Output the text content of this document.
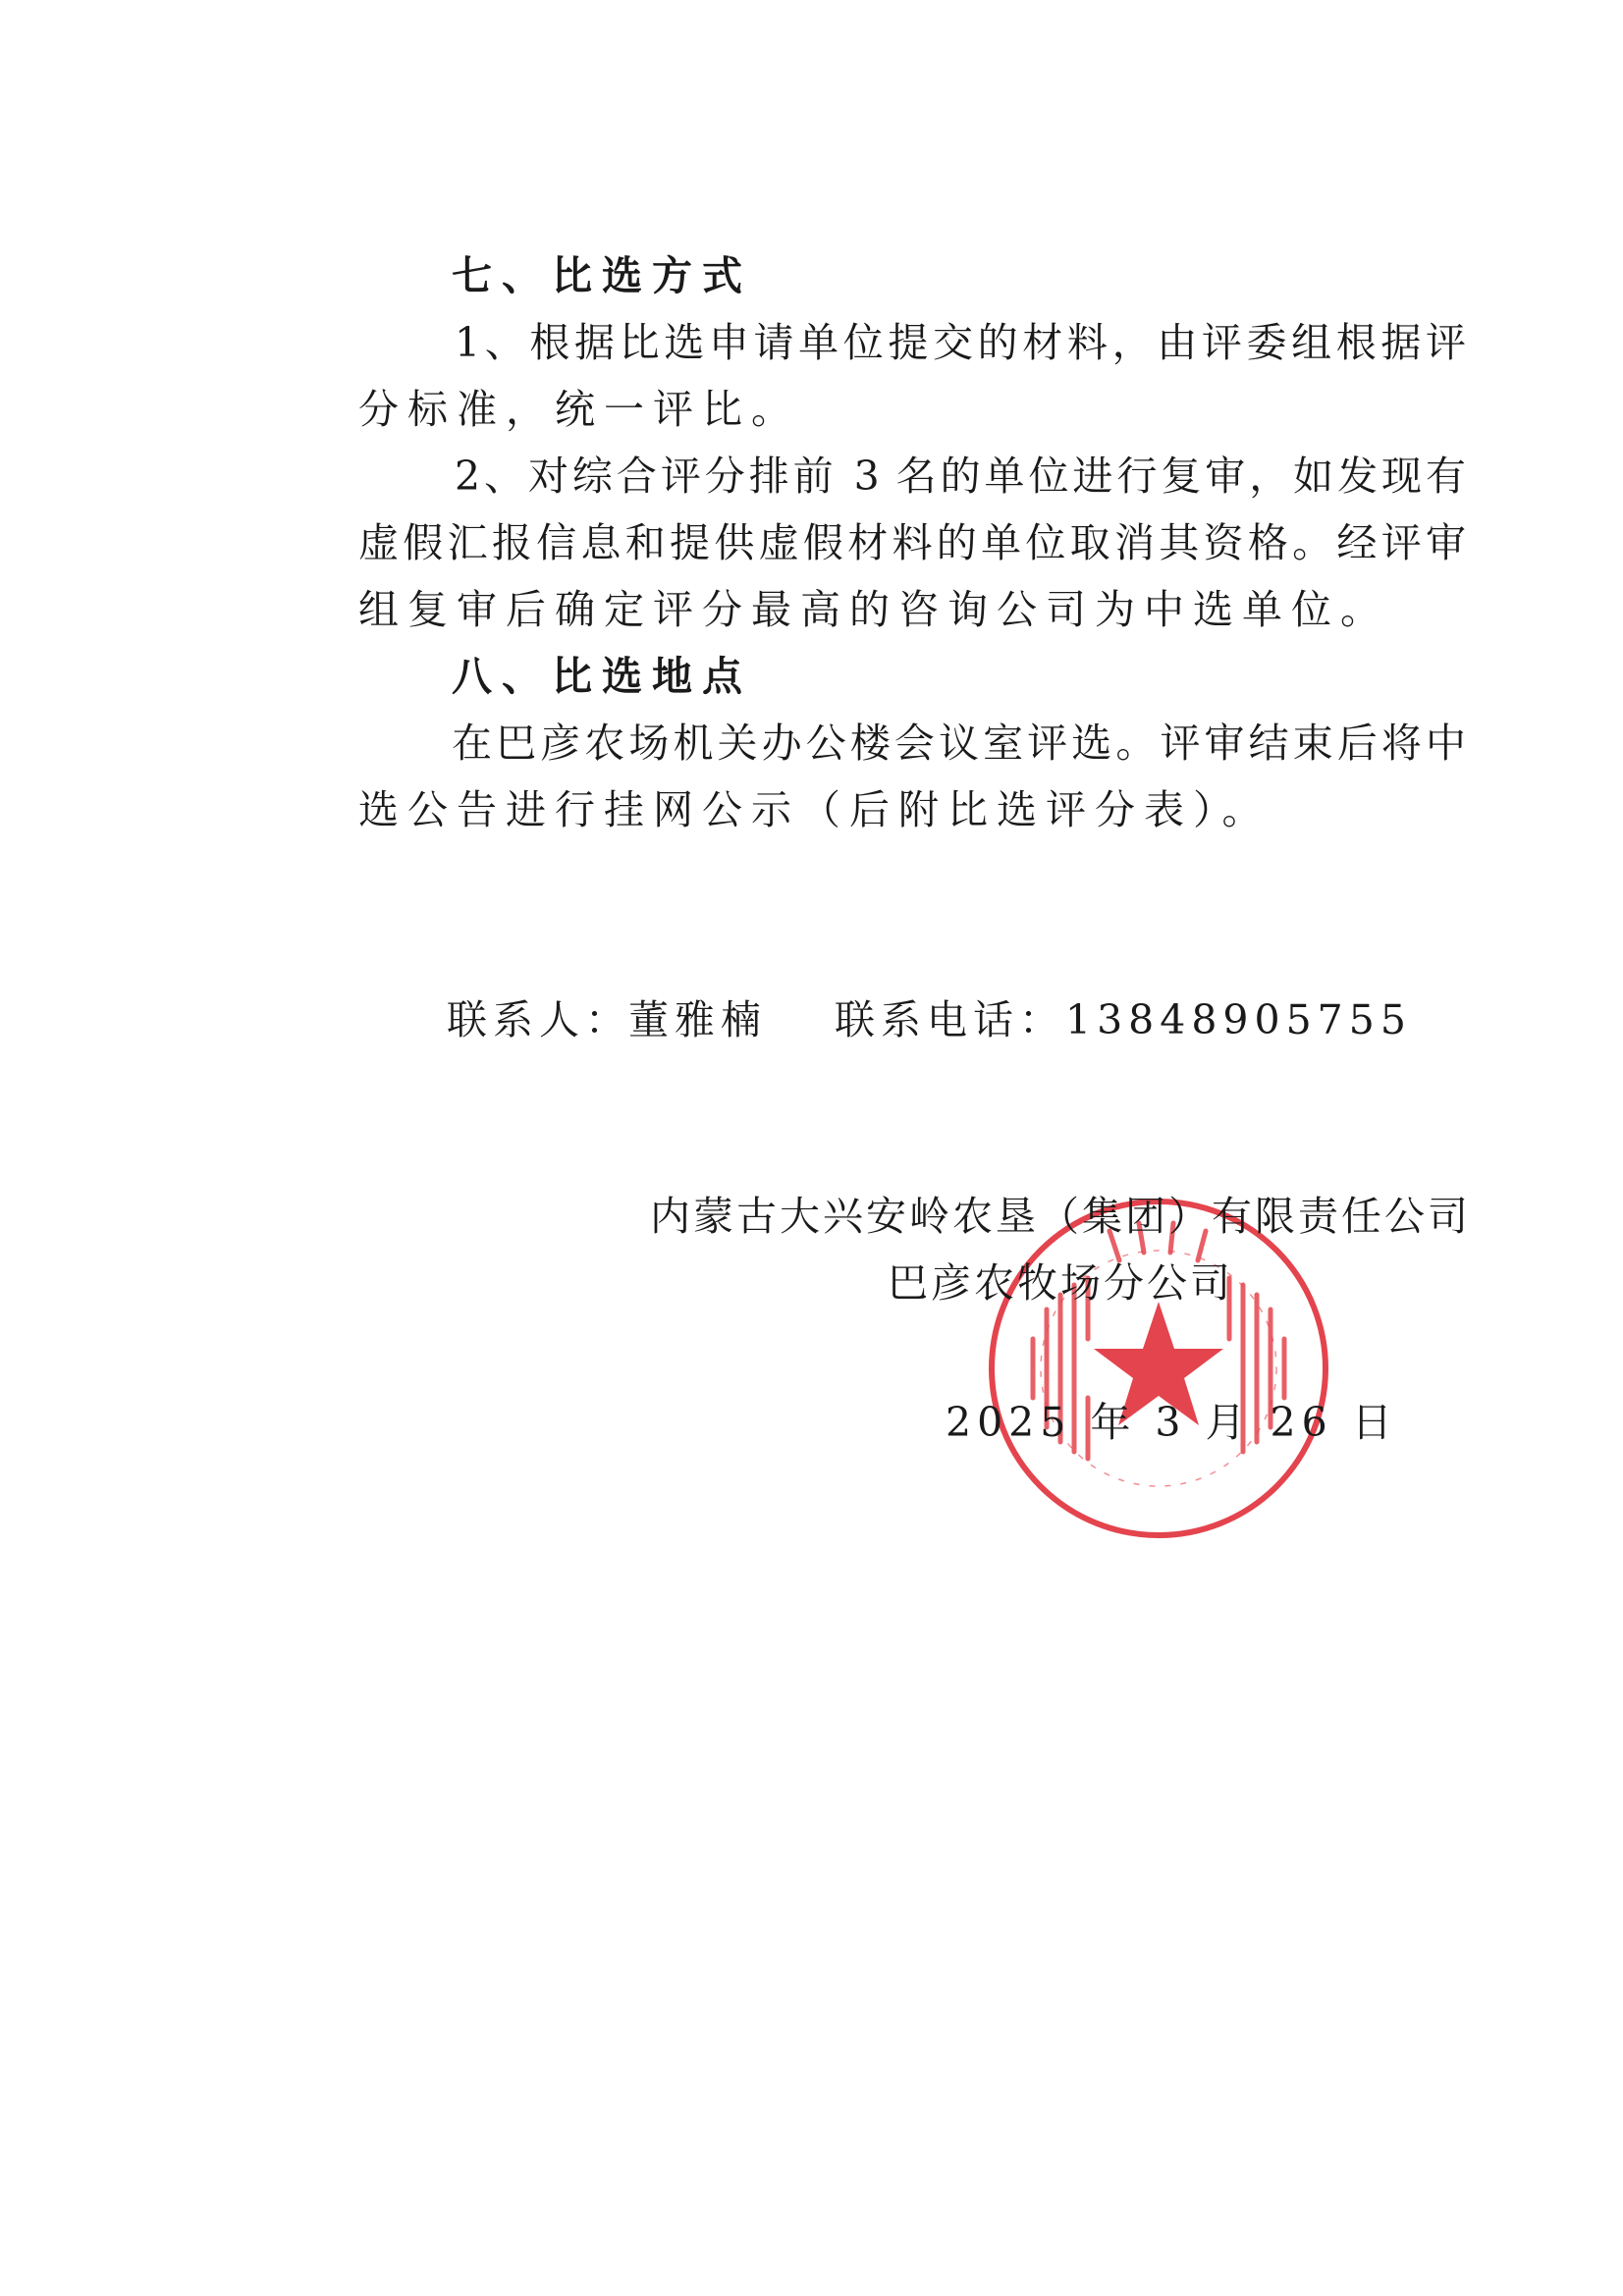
七、比选方式
1、根据比选申请单位提交的材料，由评委组根据评
分标准，统一评比。
2、对综合评分排前 3 名的单位进行复审，如发现有
虚假汇报信息和提供虚假材料的单位取消其资格。经评审
组复审后确定评分最高的咨询公司为中选单位。
八、比选地点
在巴彦农场机关办公楼会议室评选。评审结束后将中
选公告进行挂网公示（后附比选评分表）。
联系人：
董雅楠 联系电话： 13848905755
内蒙古大兴安岭农垦（集团）有限责任公司
巴彦农牧场分公司
2025 年 3 月 26 日
